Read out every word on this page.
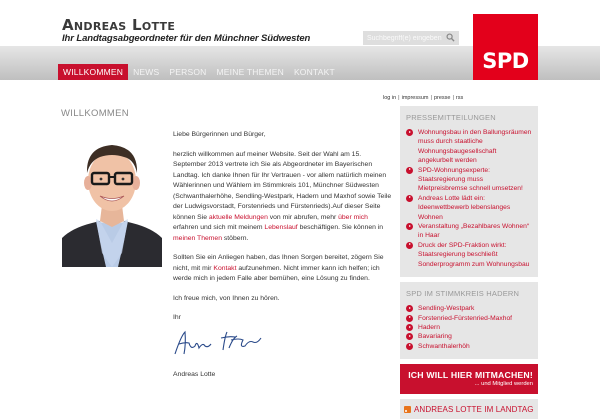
Andreas Lotte
Ihr Landtagsabgeordneter für den Münchner Südwesten
WILLKOMMEN	NEWS	PERSON	MEINE THEMEN	KONTAKT
log in | impressum | presse | rss
Suchbegriff(e) eingeben
SPD
WILLKOMMEN

Liebe Bürgerinnen und Bürger,

herzlich willkommen auf meiner Website. Seit der Wahl am 15. September 2013 vertrete ich Sie als Abgeordneter im Bayerischen Landtag. Ich danke Ihnen für Ihr Vertrauen - vor allem natürlich meinen Wählerinnen und Wählern im Stimmkreis 101, Münchner Südwesten (Schwanthalerhöhe, Sendling-Westpark, Hadern und Maxhof sowie Teile der Ludwigsvorstadt, Forstenrieds und Fürstenrieds).Auf dieser Seite können Sie aktuelle Meldungen von mir abrufen, mehr über mich erfahren und sich mit meinem Lebenslauf beschäftigen. Sie können in meinen Themen stöbern.

Sollten Sie ein Anliegen haben, das Ihnen Sorgen bereitet, zögern Sie nicht, mit mir Kontakt aufzunehmen. Nicht immer kann ich helfen; ich werde mich in jedem Falle aber bemühen, eine Lösung zu finden.

Ich freue mich, von Ihnen zu hören.

Ihr

Andreas Lotte

PRESSEMITTEILUNGEN
Wohnungsbau in den Ballungsräumen muss durch staatliche Wohnungsbaugesellschaft angekurbelt werden
SPD-Wohnungsexperte: Staatsregierung muss Mietpreisbremse schnell umsetzen!
Andreas Lotte lädt ein: Ideenwettbewerb lebenslanges Wohnen
Veranstaltung „Bezahlbares Wohnen“ in Haar
Druck der SPD-Fraktion wirkt: Staatsregierung beschließt Sonderprogramm zum Wohnungsbau
SPD IM STIMMKREIS HADERN
Sendling-Westpark
Forstenried-Fürstenried-Maxhof
Hadern
Bavariaring
Schwanthalerhöh
ICH WILL HIER MITMACHEN!
... und Mitglied werden
ANDREAS LOTTE IM LANDTAG
